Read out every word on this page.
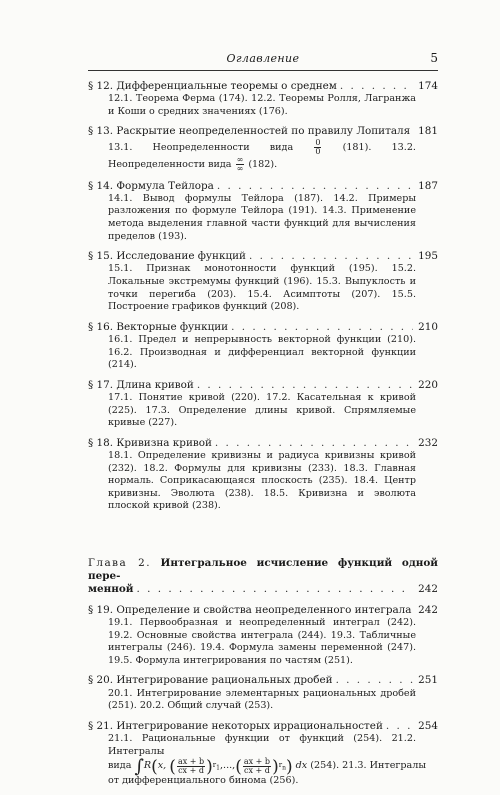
Оглавление	5
§ 12. Дифференциальные теоремы о среднем . . .	174
12.1. Теорема Ферма (174). 12.2. Теоремы Ролля, Лагранжа и Коши о средних значениях (176).
§ 13. Раскрытие неопределенностей по правилу Лопиталя 181
13.1. Неопределенности вида	$\frac{0}{0} (181)$. 13.2. Неопределенности вида $\frac{\infty}{\infty} (182)$.
§ 14. Формула Тейлора . . .	187
14.1. Вывод формулы Тейлора (187). 14.2. Примеры разложения по формуле Тейлора (191). 14.3. Применение метода выделения главной части функций для вычисления пределов (193).
§ 15. Исследование функций . . .	195
15.1. Признак монотонности функций (195). 15.2. Локальные экстремумы функций (196). 15.3. Выпуклость и точки перегиба (203). 15.4. Асимптоты (207). 15.5. Построение графиков функций (208).
§ 16. Векторные функции . . .	210
16.1. Предел и непрерывность векторной функции (210). 16.2. Производная и дифференциал векторной функции (214).
§ 17. Длина кривой . . .	220
17.1. Понятие кривой (220). 17.2. Касательная к кривой (225). 17.3. Определение длины кривой. Спрямляемые кривые (227).
§ 18. Кривизна кривой . . .	232
18.1. Определение кривизны и радиуса кривизны кривой (232). 18.2. Формулы для кривизны (233). 18.3. Главная нормаль. Соприкасающаяся плоскость (235). 18.4. Центр кривизны. Эволюта (238). 18.5. Кривизна и эволюта плоской кривой (238).
Глава 2. Интегральное исчисление функций одной пере-
менной . . .	242
§ 19. Определение и свойства неопределенного интеграла 242
19.1. Первообразная и неопределенный интеграл (242). 19.2. Основные свойства интеграла (244). 19.3. Табличные интегралы (246). 19.4. Формула замены переменной (247). 19.5. Формула интегрирования по частям (251).
§ 20. Интегрирование рациональных дробей . . .	251
20.1. Интегрирование элементарных рациональных дробей (251). 20.2. Общий случай (253).
§ 21. Интегрирование некоторых иррациональностей . . .	254
21.1. Рациональные функции от функций (254). 21.2. Интегралы
вида
∫ R ( x,
( $\frac{ax + b}{cx + d}$ ) $r_1$ ,..., ( $\frac{ax + b}{cx + d}$ ) $r_n$ )
dx
(254). 21.3. Интегралы
от дифференциального бинома (256).
